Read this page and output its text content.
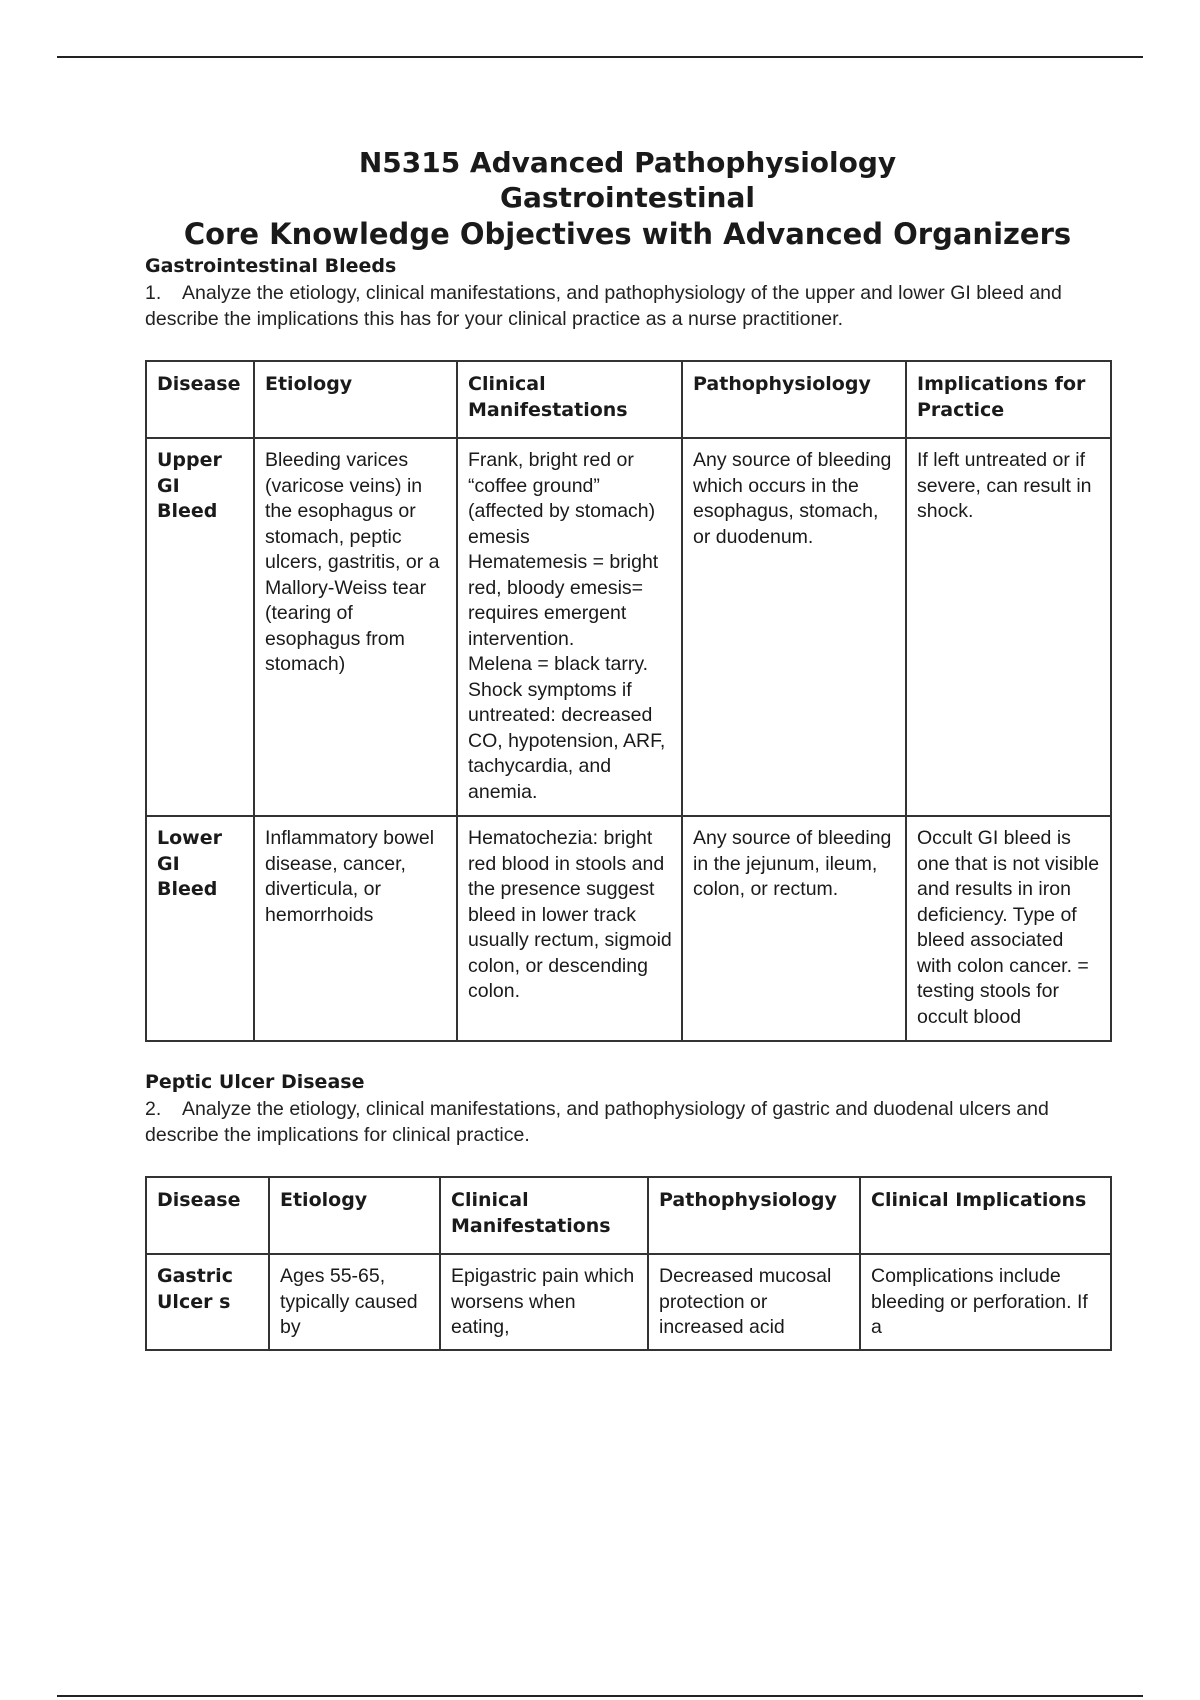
N5315 Advanced Pathophysiology
Gastrointestinal
Core Knowledge Objectives with Advanced Organizers
Gastrointestinal Bleeds

1. Analyze the etiology, clinical manifestations, and pathophysiology of the upper and lower GI bleed and describe the implications this has for your clinical practice as a nurse practitioner.

Disease	Etiology	Clinical Manifestations	Pathophysiology	Implications for Practice
Upper GI Bleed	Bleeding varices (varicose veins) in the esophagus or stomach, peptic ulcers, gastritis, or a Mallory-Weiss tear (tearing of esophagus from stomach)	Frank, bright red or “coffee ground” (affected by stomach) emesis
Hematemesis = bright red, bloody emesis= requires emergent intervention.
Melena = black tarry.
Shock symptoms if untreated: decreased CO, hypotension, ARF, tachycardia, and anemia.	Any source of bleeding which occurs in the esophagus, stomach, or duodenum.	If left untreated or if severe, can result in shock.
Lower GI Bleed	Inflammatory bowel disease, cancer, diverticula, or hemorrhoids	Hematochezia: bright red blood in stools and the presence suggest bleed in lower track usually rectum, sigmoid colon, or descending colon.	Any source of bleeding in the jejunum, ileum, colon, or rectum.	Occult GI bleed is one that is not visible and results in iron deficiency. Type of bleed associated with colon cancer. = testing stools for occult blood
Peptic Ulcer Disease

2. Analyze the etiology, clinical manifestations, and pathophysiology of gastric and duodenal ulcers and describe the implications for clinical practice.

Disease	Etiology	Clinical Manifestations	Pathophysiology	Clinical Implications
Gastric Ulcer s	Ages 55-65, typically caused by	Epigastric pain which worsens when eating,	Decreased mucosal protection or increased acid	Complications include bleeding or perforation. If a
